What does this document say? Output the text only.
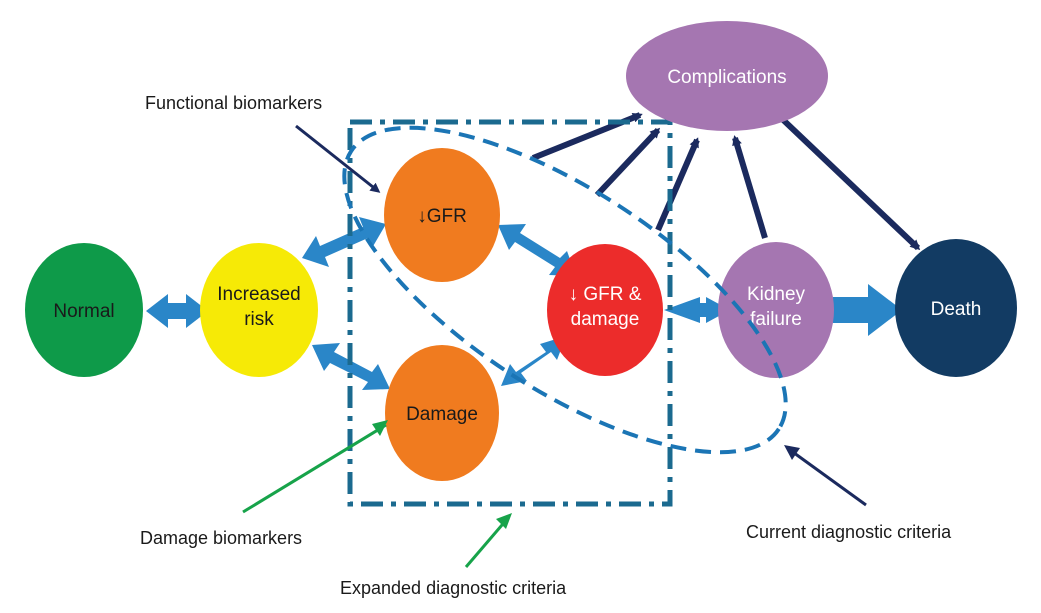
Normal
Increased
risk
↓GFR
Damage
↓ GFR &
damage
Kidney
failure
Complications
Death
Functional biomarkers
Damage biomarkers
Expanded diagnostic criteria
Current diagnostic criteria
